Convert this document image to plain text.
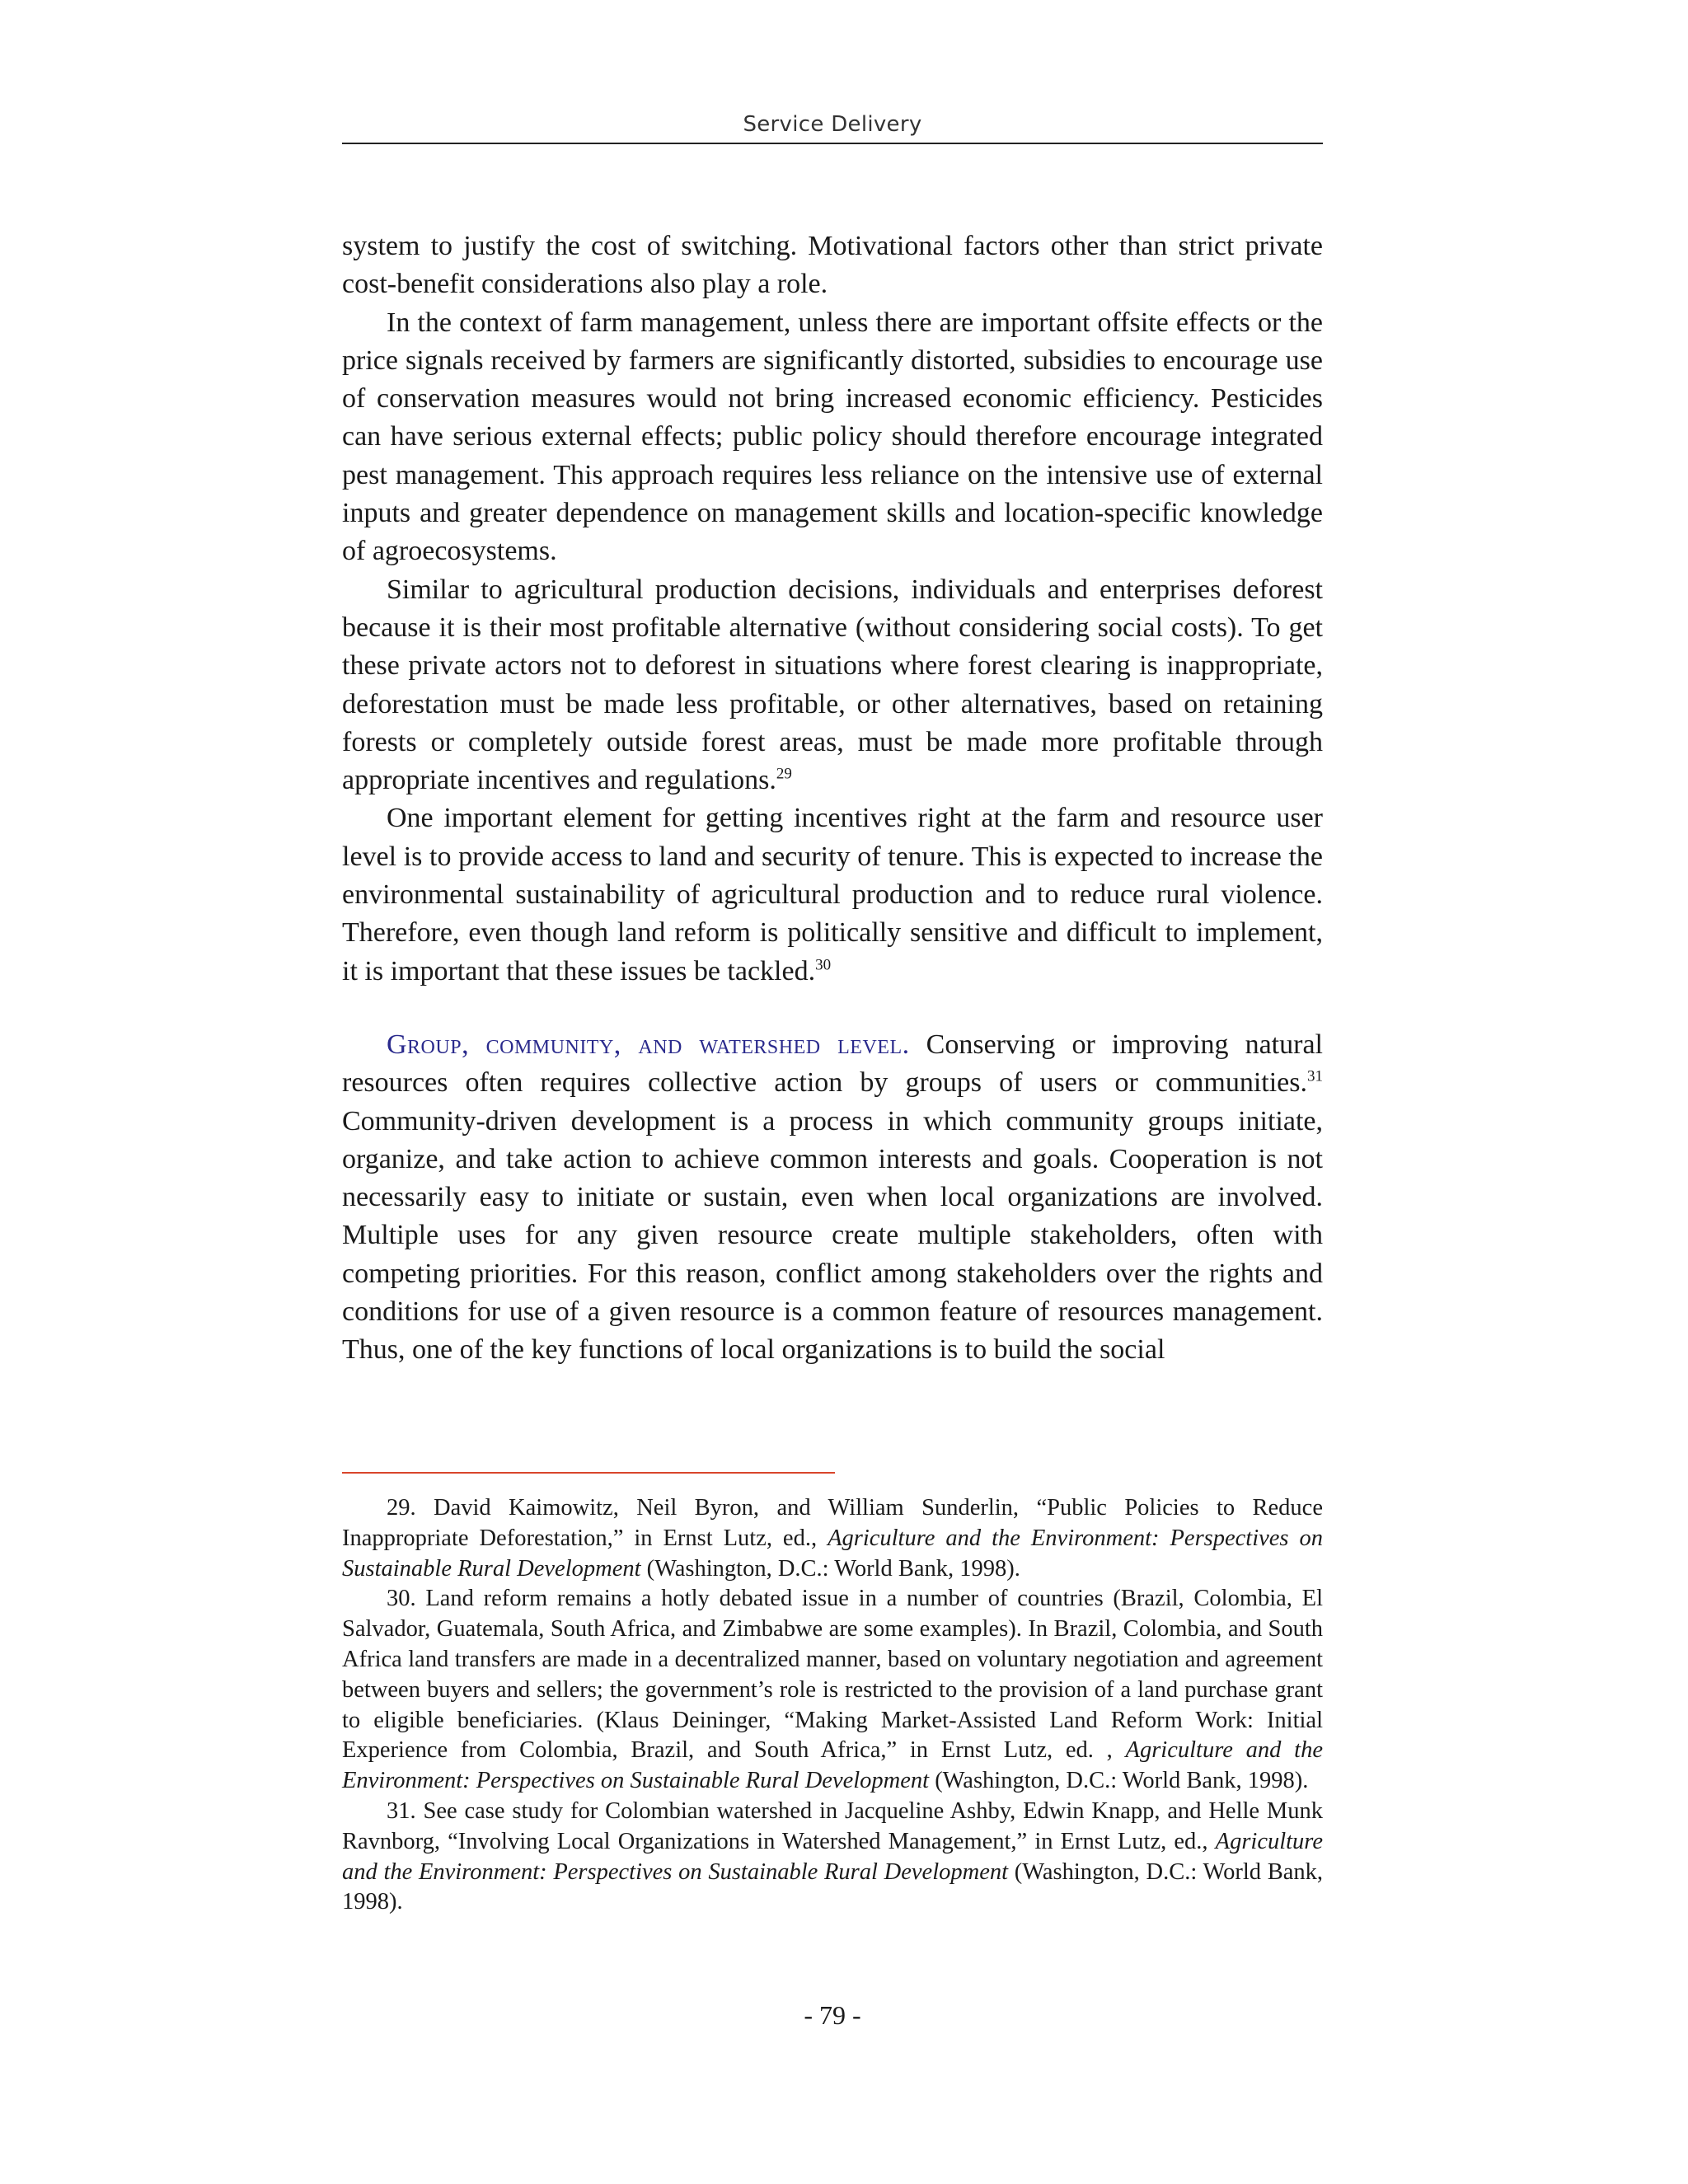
Service Delivery

system to justify the cost of switching. Motivational factors other than strict private cost-benefit considerations also play a role.

In the context of farm management, unless there are important offsite effects or the price signals received by farmers are significantly distorted, subsidies to encourage use of conservation measures would not bring increased economic efficiency. Pesticides can have serious external effects; public policy should therefore encourage integrated pest management. This approach requires less reliance on the intensive use of external inputs and greater dependence on management skills and location-specific knowledge of agroecosystems.

Similar to agricultural production decisions, individuals and enterprises deforest because it is their most profitable alternative (without considering social costs). To get these private actors not to deforest in situations where forest clearing is inappropriate, deforestation must be made less profitable, or other alternatives, based on retaining forests or completely outside forest areas, must be made more profitable through appropriate incentives and regulations.$^{29}$

One important element for getting incentives right at the farm and resource user level is to provide access to land and security of tenure. This is expected to increase the environmental sustainability of agricultural production and to reduce rural violence. Therefore, even though land reform is politically sensitive and difficult to implement, it is important that these issues be tackled.$^{30}$

Group, community, and watershed level. Conserving or improving natural resources often requires collective action by groups of users or communities.$^{31}$ Community-driven development is a process in which community groups initiate, organize, and take action to achieve common interests and goals. Cooperation is not necessarily easy to initiate or sustain, even when local organizations are involved. Multiple uses for any given resource create multiple stakeholders, often with competing priorities. For this reason, conflict among stakeholders over the rights and conditions for use of a given resource is a common feature of resources management. Thus, one of the key functions of local organizations is to build the social

29. David Kaimowitz, Neil Byron, and William Sunderlin, “Public Policies to Reduce Inappropriate Deforestation,” in Ernst Lutz, ed., Agriculture and the Environment: Perspectives on Sustainable Rural Development (Washington, D.C.: World Bank, 1998).

30. Land reform remains a hotly debated issue in a number of countries (Brazil, Colombia, El Salvador, Guatemala, South Africa, and Zimbabwe are some examples). In Brazil, Colombia, and South Africa land transfers are made in a decentralized manner, based on voluntary negotiation and agreement between buyers and sellers; the government’s role is restricted to the provision of a land purchase grant to eligible beneficiaries. (Klaus Deininger, “Making Market-Assisted Land Reform Work: Initial Experience from Colombia, Brazil, and South Africa,” in Ernst Lutz, ed. , Agriculture and the Environment: Perspectives on Sustainable Rural Development (Washington, D.C.: World Bank, 1998).

31. See case study for Colombian watershed in Jacqueline Ashby, Edwin Knapp, and Helle Munk Ravnborg, “Involving Local Organizations in Watershed Management,” in Ernst Lutz, ed., Agriculture and the Environment: Perspectives on Sustainable Rural Development (Washington, D.C.: World Bank, 1998).

- 79 -
